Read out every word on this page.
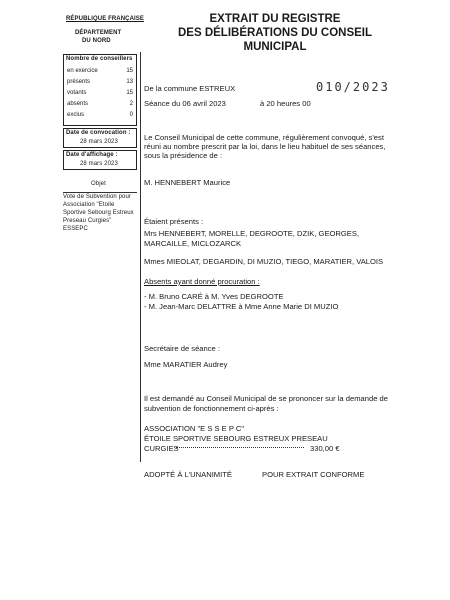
RÉPUBLIQUE FRANÇAISE
DÉPARTEMENT
DU NORD
EXTRAIT DU REGISTRE
DES DÉLIBÉRATIONS DU CONSEIL
MUNICIPAL
Nombre de conseillers
en exercice	15
présents	13
votants	15
absents	2
exclus	0
Date de convocation :
28 mars 2023
Date d'affichage :
28 mars 2023
Objet
Vote de Subvention pour
Association "Etoile
Sportive Sebourg Estreux
Preseau Curgies"
ESSEPC
De la commune ESTREUX	010/2023
Séance du 06 avril 2023	à 20 heures 00
Le Conseil Municipal de cette commune, régulièrement convoqué, s'est
réuni au nombre prescrit par la loi, dans le lieu habituel de ses séances,
sous la présidence de :
M. HENNEBERT Maurice
Étaient présents :
Mrs HENNEBERT, MORELLE, DEGROOTE, DZIK, GEORGES,
MARCAILLE, MICLOZARCK
Mmes MIEOLAT, DEGARDIN, DI MUZIO, TIEGO, MARATIER, VALOIS
Absents ayant donné procuration :
- M. Bruno CARÉ à M. Yves DEGROOTE
- M. Jean-Marc DELATTRE à Mme Anne Marie DI MUZIO
Secrétaire de séance :
Mme MARATIER Audrey
Il est demandé au Conseil Municipal de se prononcer sur la demande de
subvention de fonctionnement ci-après :
ASSOCIATION "E S S E P C"
ÉTOILE SPORTIVE SEBOURG ESTREUX PRESEAU
CURGIES	330,00 €
ADOPTÉ À L'UNANIMITÉ	POUR EXTRAIT CONFORME
